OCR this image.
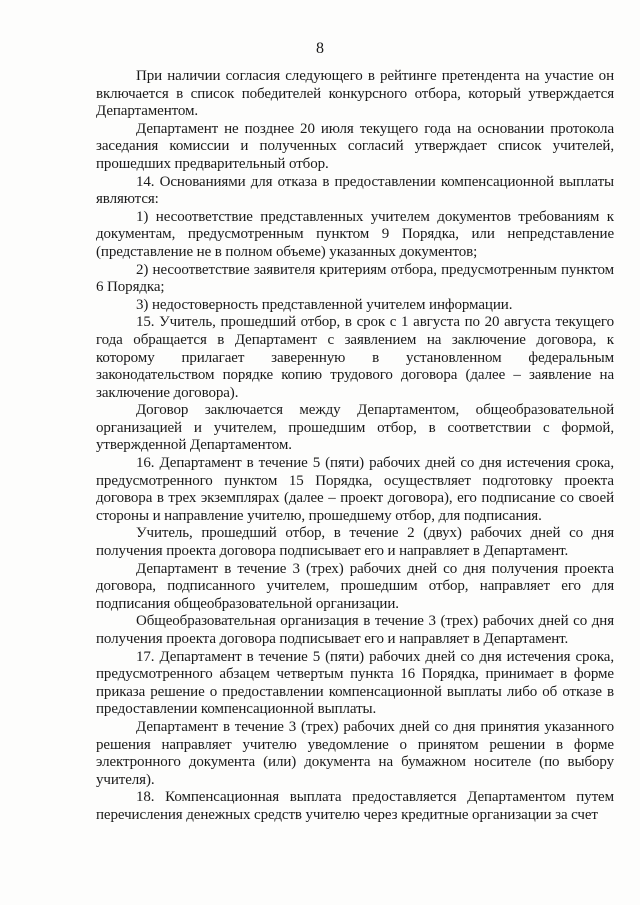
8

При наличии согласия следующего в рейтинге претендента на участие он включается в список победителей конкурсного отбора, который утверждается Департаментом.

Департамент не позднее 20 июля текущего года на основании протокола заседания комиссии и полученных согласий утверждает список учителей, прошедших предварительный отбор.

14. Основаниями для отказа в предоставлении компенсационной выплаты являются:

1) несоответствие представленных учителем документов требованиям к документам, предусмотренным пунктом 9 Порядка, или непредставление (представление не в полном объеме) указанных документов;

2) несоответствие заявителя критериям отбора, предусмотренным пунктом 6 Порядка;

3) недостоверность представленной учителем информации.

15. Учитель, прошедший отбор, в срок с 1 августа по 20 августа текущего года обращается в Департамент с заявлением на заключение договора, к которому прилагает заверенную в установленном федеральным законодательством порядке копию трудового договора (далее – заявление на заключение договора).

Договор заключается между Департаментом, общеобразовательной организацией и учителем, прошедшим отбор, в соответствии с формой, утвержденной Департаментом.

16. Департамент в течение 5 (пяти) рабочих дней со дня истечения срока, предусмотренного пунктом 15 Порядка, осуществляет подготовку проекта договора в трех экземплярах (далее – проект договора), его подписание со своей стороны и направление учителю, прошедшему отбор, для подписания.

Учитель, прошедший отбор, в течение 2 (двух) рабочих дней со дня получения проекта договора подписывает его и направляет в Департамент.

Департамент в течение 3 (трех) рабочих дней со дня получения проекта договора, подписанного учителем, прошедшим отбор, направляет его для подписания общеобразовательной организации.

Общеобразовательная организация в течение 3 (трех) рабочих дней со дня получения проекта договора подписывает его и направляет в Департамент.

17. Департамент в течение 5 (пяти) рабочих дней со дня истечения срока, предусмотренного абзацем четвертым пункта 16 Порядка, принимает в форме приказа решение о предоставлении компенсационной выплаты либо об отказе в предоставлении компенсационной выплаты.

Департамент в течение 3 (трех) рабочих дней со дня принятия указанного решения направляет учителю уведомление о принятом решении в форме электронного документа (или) документа на бумажном носителе (по выбору учителя).

18. Компенсационная выплата предоставляется Департаментом путем перечисления денежных средств учителю через кредитные организации за счет
